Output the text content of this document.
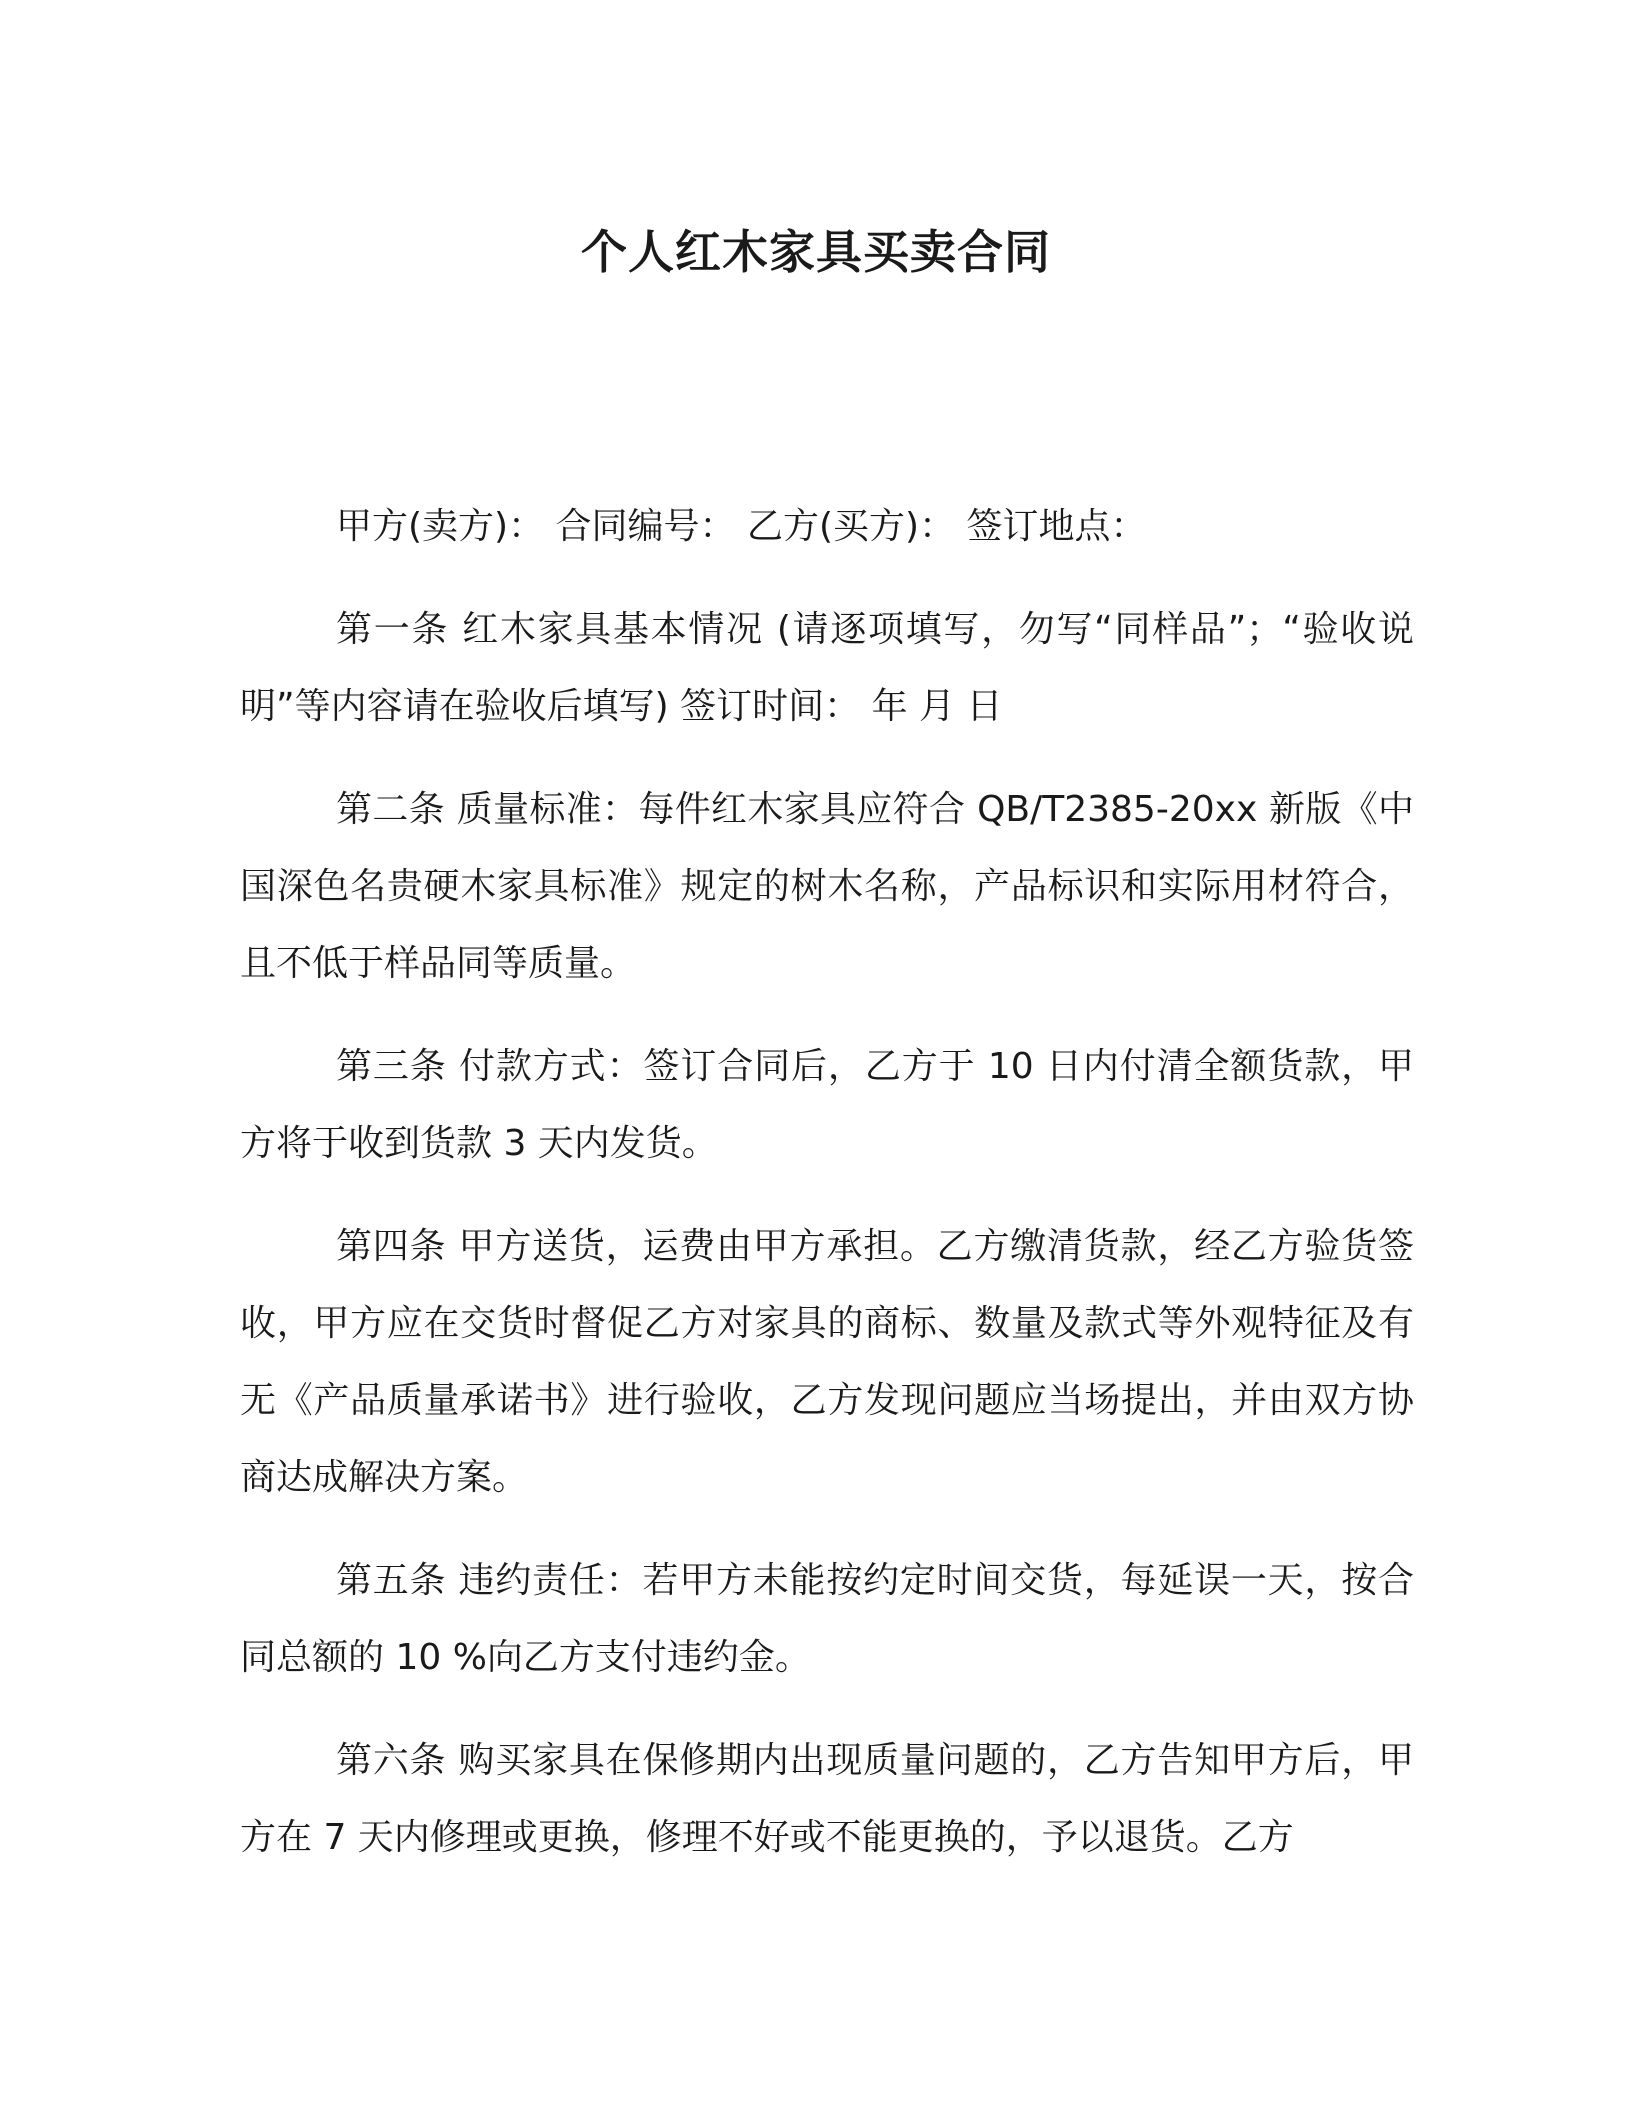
个人红木家具买卖合同

甲方(卖方)： 合同编号： 乙方(买方)： 签订地点：

第一条 红木家具基本情况 (请逐项填写，勿写“同样品”；“验收说明”等内容请在验收后填写) 签订时间： 年 月 日

第二条 质量标准：每件红木家具应符合 QB/T2385-20xx 新版《中国深色名贵硬木家具标准》规定的树木名称，产品标识和实际用材符合，且不低于样品同等质量。

第三条 付款方式：签订合同后，乙方于 10 日内付清全额货款，甲方将于收到货款 3 天内发货。

第四条 甲方送货，运费由甲方承担。乙方缴清货款，经乙方验货签收，甲方应在交货时督促乙方对家具的商标、数量及款式等外观特征及有无《产品质量承诺书》进行验收，乙方发现问题应当场提出，并由双方协商达成解决方案。

第五条 违约责任：若甲方未能按约定时间交货，每延误一天，按合同总额的 10 %向乙方支付违约金。

第六条 购买家具在保修期内出现质量问题的，乙方告知甲方后，甲方在 7 天内修理或更换，修理不好或不能更换的，予以退货。乙方
